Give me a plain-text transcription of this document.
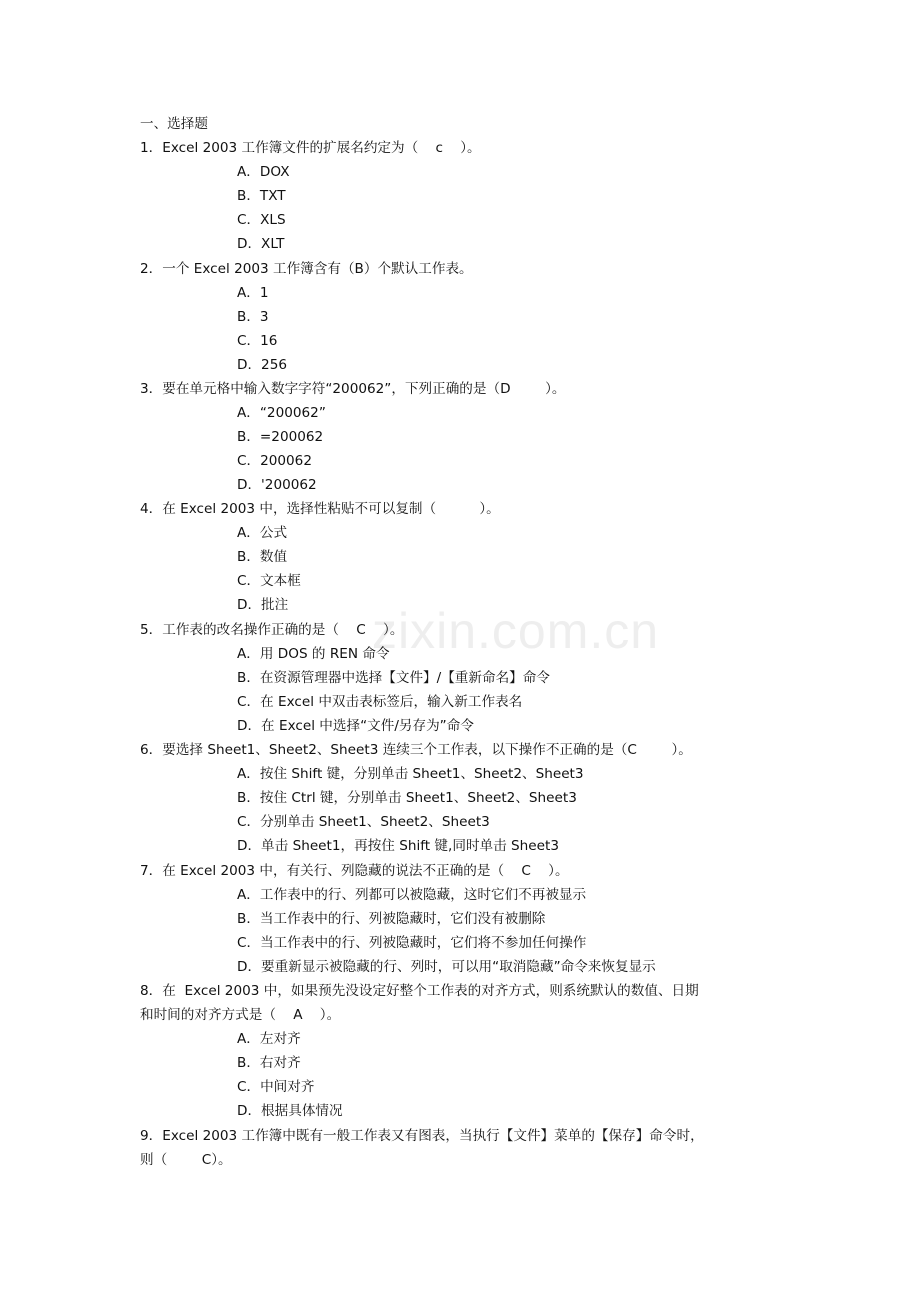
zixin.com.cn
一、选择题
1．Excel 2003 工作簿文件的扩展名约定为（    c    ）。
A．DOX
B．TXT
C．XLS
D．XLT
2．一个 Excel 2003 工作簿含有（B）个默认工作表。
A．1
B．3
C．16
D．256
3．要在单元格中输入数字字符“200062”，下列正确的是（D        ）。
A．“200062”
B．=200062
C．200062
D．'200062
4．在 Excel 2003 中，选择性粘贴不可以复制（          ）。
A．公式
B．数值
C．文本框
D．批注
5．工作表的改名操作正确的是（    C    ）。
A．用 DOS 的 REN 命令
B．在资源管理器中选择【文件】/【重新命名】命令
C．在 Excel 中双击表标签后，输入新工作表名
D．在 Excel 中选择“文件/另存为”命令
6．要选择 Sheet1、Sheet2、Sheet3 连续三个工作表，以下操作不正确的是（C        ）。
A．按住 Shift 键，分别单击 Sheet1、Sheet2、Sheet3
B．按住 Ctrl 键，分别单击 Sheet1、Sheet2、Sheet3
C．分别单击 Sheet1、Sheet2、Sheet3
D．单击 Sheet1，再按住 Shift 键,同时单击 Sheet3
7．在 Excel 2003 中，有关行、列隐藏的说法不正确的是（    C    ）。
A．工作表中的行、列都可以被隐藏，这时它们不再被显示
B．当工作表中的行、列被隐藏时，它们没有被删除
C．当工作表中的行、列被隐藏时，它们将不参加任何操作
D．要重新显示被隐藏的行、列时，可以用“取消隐藏”命令来恢复显示
8．在  Excel 2003 中，如果预先没设定好整个工作表的对齐方式，则系统默认的数值、日期
和时间的对齐方式是（    A    ）。
A．左对齐
B．右对齐
C．中间对齐
D．根据具体情况
9．Excel 2003 工作簿中既有一般工作表又有图表，当执行【文件】菜单的【保存】命令时，
则（        C）。
